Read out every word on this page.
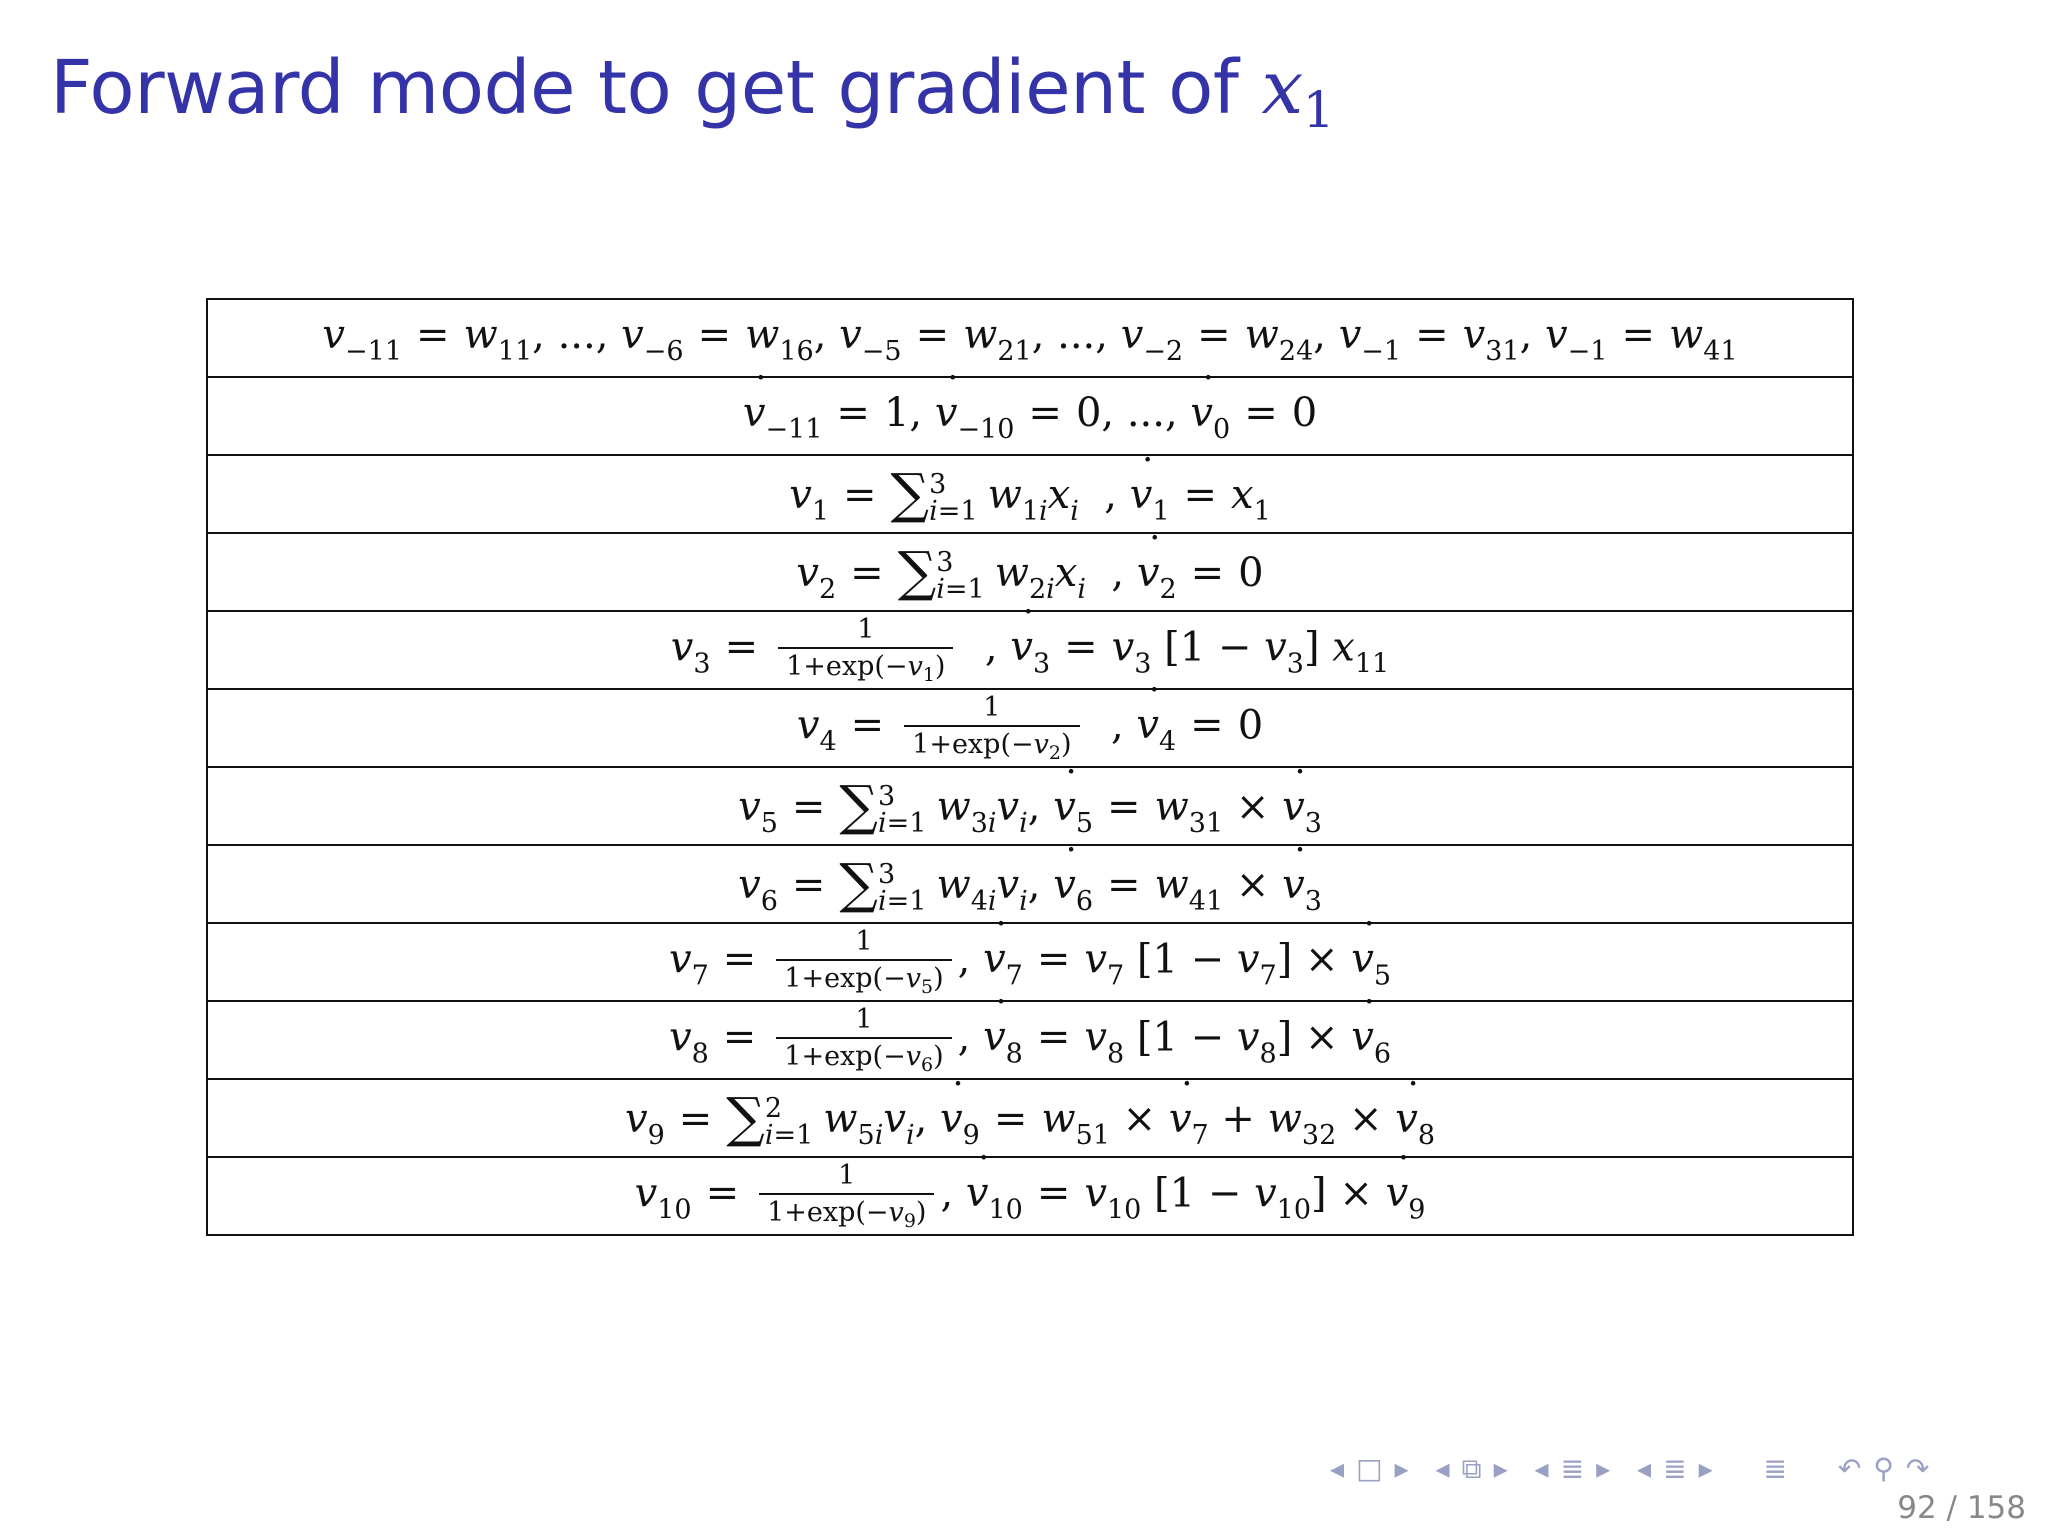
Forward mode to get gradient of $x_1$
$v_{-11} = w_{11}$, ..., $v_{-6} = w_{16}$, $v_{-5} = w_{21}$, ..., $v_{-2} = w_{24}$, $v_{-1} = v_{31}$, $v_{-1} = w_{41}$
v $˙_{-11} = 1$, v $˙_{-10} = 0$, ..., v $˙_0 = 0$
$v_1$ = ∑ 3
i=1 $w_{1i}x_i$  , v $˙_1 = x_1$
$v_2$ = ∑ 3
i=1 $w_{2i}x_i$  , v $˙_2 = 0$
$v_3 = \frac{1}{1+\exp(-v_1)}$ , v $˙_3 = v_3$ $[1 - v_3]$ $x_{11}$
$v_4 = \frac{1}{1+\exp(-v_2)}$ , v $˙_4 = 0$
$v_5$ = ∑ 3
i=1 $w_{3i}v_i$, v $˙_5 = w_{31} \times v$ $˙_3$
$v_6$ = ∑ 3
i=1 $w_{4i}v_i$, v $˙_6 = w_{41} \times v$ $˙_3$
$v_7 = \frac{1}{1+\exp(-v_5)}$ , v $˙_7 = v_7$ $[1 - v_7] \times v$ $˙_5$
$v_8 = \frac{1}{1+\exp(-v_6)}$ , v $˙_8 = v_8$ $[1 - v_8] \times v$ $˙_6$
$v_9$ = ∑ 2
i=1 $w_{5i}v_i$, v $˙_9 = w_{51} \times v$ $˙_7 + w_{32} \times v$ $˙_8$
$v_{10} = \frac{1}{1+\exp(-v_9)}$ , v $˙_{10} = v_{10}$ $[1 - v_{10}] \times v$ $˙_9$
◂ □ ▸ ◂ ⧉ ▸ ◂ ≣ ▸ ◂ ≣ ▸ ≣ ↶ ⚲ ↷
92 / 158
